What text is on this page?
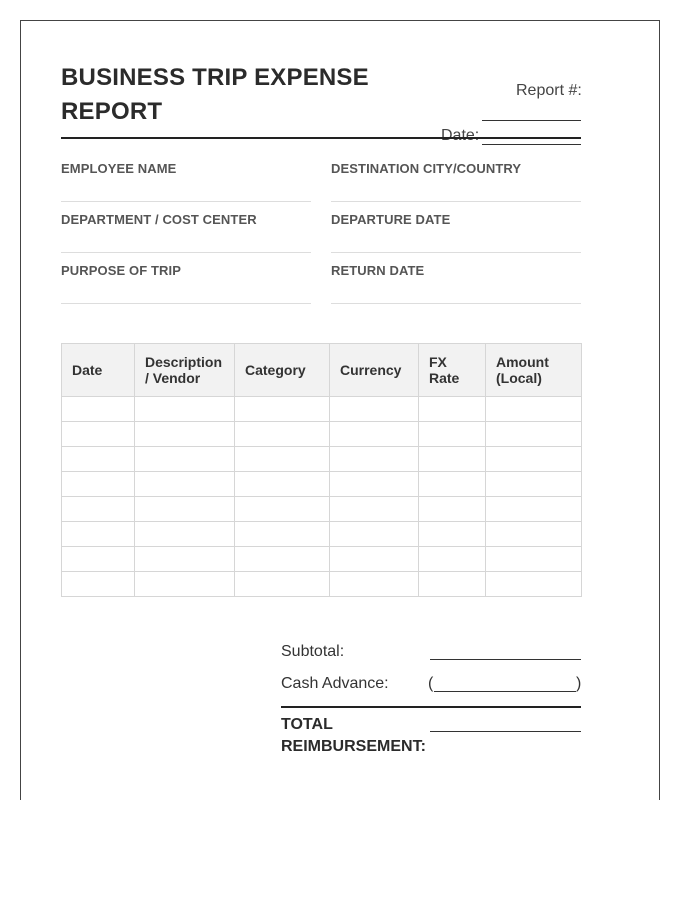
BUSINESS TRIP EXPENSE REPORT
Report #:
Date:
EMPLOYEE NAME	DESTINATION CITY/COUNTRY
DEPARTMENT / COST CENTER	DEPARTURE DATE
PURPOSE OF TRIP	RETURN DATE
Date	Description / Vendor	Category	Currency	FX Rate	Amount (Local)

Subtotal:
Cash Advance: (	)
TOTAL REIMBURSEMENT:
